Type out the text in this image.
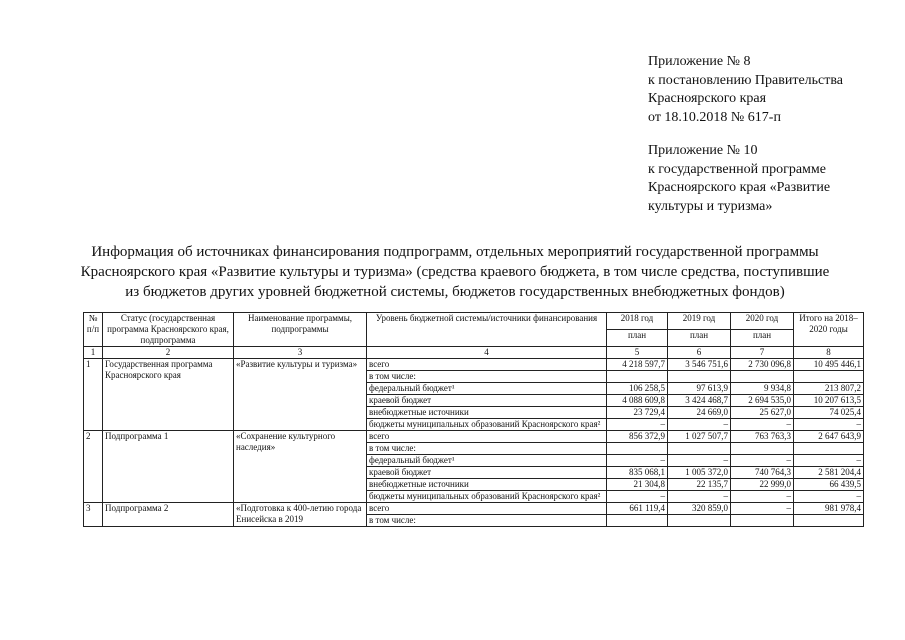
Приложение № 8
к постановлению Правительства
Красноярского края
от 18.10.2018 № 617-п
Приложение № 10
к государственной программе
Красноярского края «Развитие
культуры и туризма»
Информация об источниках финансирования подпрограмм, отдельных мероприятий государственной программы
Красноярского края «Развитие культуры и туризма» (средства краевого бюджета, в том числе средства, поступившие
из бюджетов других уровней бюджетной системы, бюджетов государственных внебюджетных фондов)
№ п/п	Статус (государственная программа Красноярского края, подпрограмма	Наименование программы, подпрограммы	Уровень бюджетной системы/источники финансирования	2018 год	2019 год	2020 год	Итого на 2018–2020 годы
				план	план	план	
1	2	3	4	5	6	7	8
1	Государственная программа Красноярского края	«Развитие культуры и туризма»	всего	4 218 597,7	3 546 751,6	2 730 096,8	10 495 446,1
			в том числе:				
			федеральный бюджет¹	106 258,5	97 613,9	9 934,8	213 807,2
			краевой бюджет	4 088 609,8	3 424 468,7	2 694 535,0	10 207 613,5
			внебюджетные источники	23 729,4	24 669,0	25 627,0	74 025,4
			бюджеты муниципальных образований Красноярского края²	–	–	–	–
2	Подпрограмма 1	«Сохранение культурного наследия»	всего	856 372,9	1 027 507,7	763 763,3	2 647 643,9
			в том числе:				
			федеральный бюджет¹	–	–	–	–
			краевой бюджет	835 068,1	1 005 372,0	740 764,3	2 581 204,4
			внебюджетные источники	21 304,8	22 135,7	22 999,0	66 439,5
			бюджеты муниципальных образований Красноярского края²	–	–	–	–
3	Подпрограмма 2	«Подготовка к 400-летию города Енисейска в 2019	всего	661 119,4	320 859,0	–	981 978,4
			в том числе:				
